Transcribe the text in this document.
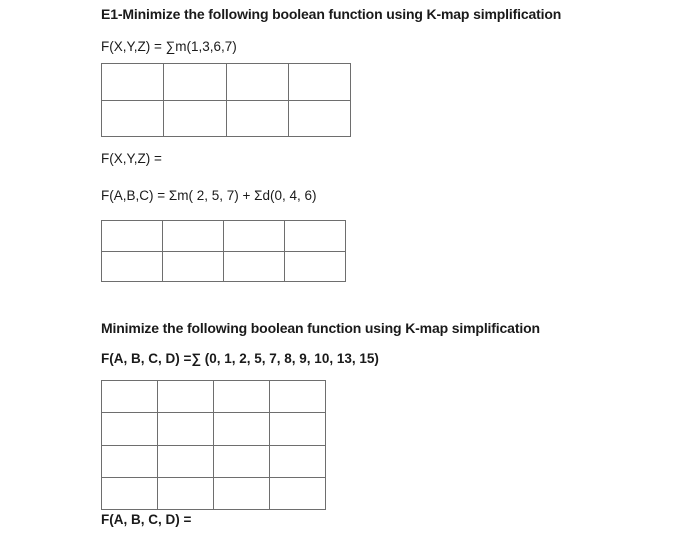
E1-Minimize the following boolean function using K-map simplification
F(X,Y,Z) = ∑m(1,3,6,7)

F(X,Y,Z) =
F(A,B,C) = Σm( 2, 5, 7) + Σd(0, 4, 6)

Minimize the following boolean function using K-map simplification
F(A, B, C, D) =∑ (0, 1, 2, 5, 7, 8, 9, 10, 13, 15)

F(A, B, C, D) =
